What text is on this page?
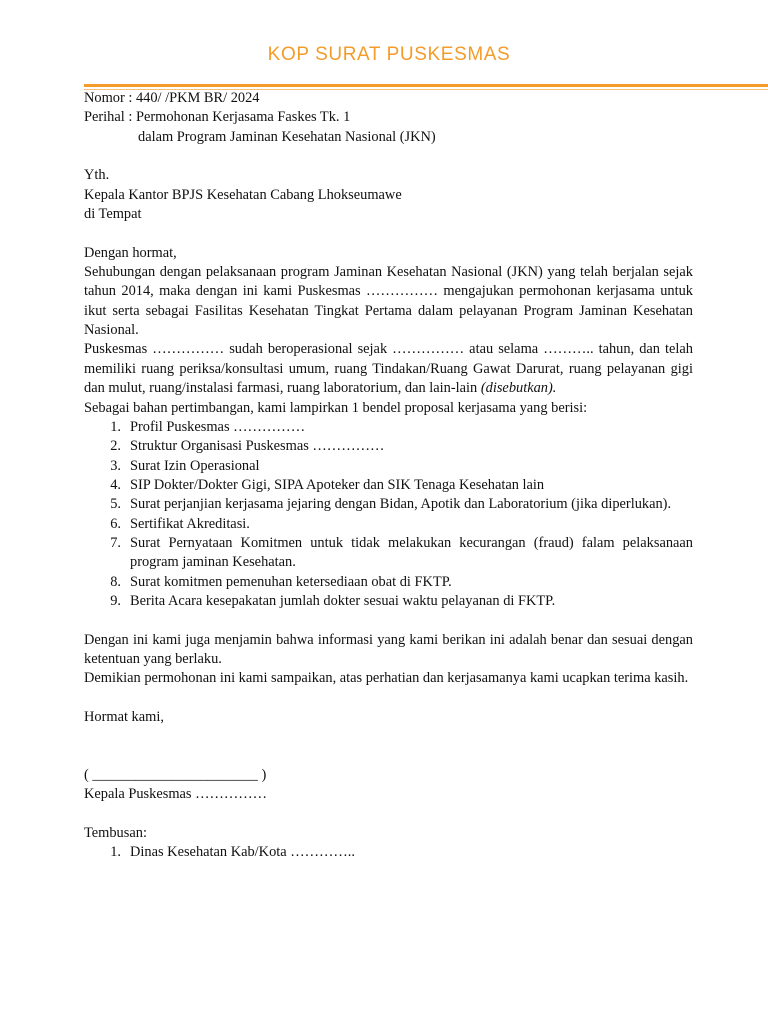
KOP SURAT PUSKESMAS
Nomor : 440/ /PKM BR/ 2024
Perihal : Permohonan Kerjasama Faskes Tk. 1
dalam Program Jaminan Kesehatan Nasional (JKN)
Yth.
Kepala Kantor BPJS Kesehatan Cabang Lhokseumawe
di Tempat
Dengan hormat,
Sehubungan dengan pelaksanaan program Jaminan Kesehatan Nasional (JKN) yang telah berjalan sejak tahun 2014, maka dengan ini kami Puskesmas …………… mengajukan permohonan kerjasama untuk ikut serta sebagai Fasilitas Kesehatan Tingkat Pertama dalam pelayanan Program Jaminan Kesehatan Nasional.
Puskesmas …………… sudah beroperasional sejak …………… atau selama ……….. tahun, dan telah memiliki ruang periksa/konsultasi umum, ruang Tindakan/Ruang Gawat Darurat, ruang pelayanan gigi dan mulut, ruang/instalasi farmasi, ruang laboratorium, dan lain-lain (disebutkan).
Sebagai bahan pertimbangan, kami lampirkan 1 bendel proposal kerjasama yang berisi:
1. Profil Puskesmas ……………
2. Struktur Organisasi Puskesmas ……………
3. Surat Izin Operasional
4. SIP Dokter/Dokter Gigi, SIPA Apoteker dan SIK Tenaga Kesehatan lain
5. Surat perjanjian kerjasama jejaring dengan Bidan, Apotik dan Laboratorium (jika diperlukan).
6. Sertifikat Akreditasi.
7. Surat Pernyataan Komitmen untuk tidak melakukan kecurangan (fraud) falam pelaksanaan program jaminan Kesehatan.
8. Surat komitmen pemenuhan ketersediaan obat di FKTP.
9. Berita Acara kesepakatan jumlah dokter sesuai waktu pelayanan di FKTP.
Dengan ini kami juga menjamin bahwa informasi yang kami berikan ini adalah benar dan sesuai dengan ketentuan yang berlaku.
Demikian permohonan ini kami sampaikan, atas perhatian dan kerjasamanya kami ucapkan terima kasih.
Hormat kami,
( _______________________ )
Kepala Puskesmas ……………
Tembusan:
1. Dinas Kesehatan Kab/Kota …………..
